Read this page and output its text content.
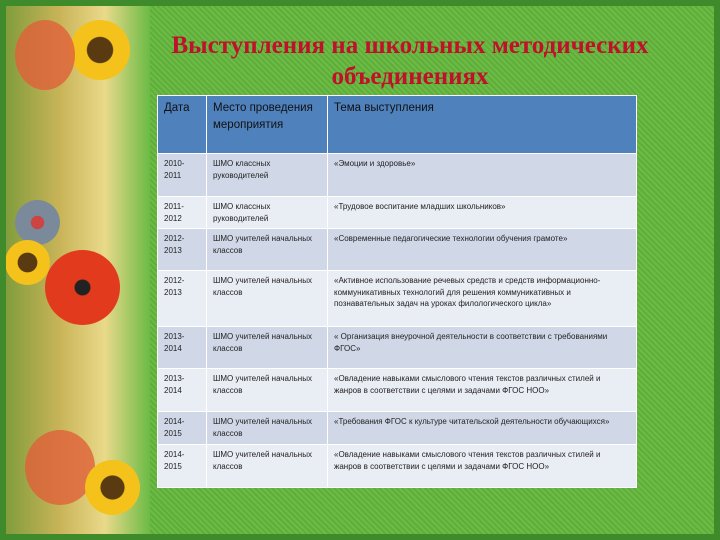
Выступления на школьных методических объединениях
Дата	Место проведения мероприятия	Тема выступления
2010-2011	ШМО классных руководителей	«Эмоции и здоровье»
2011-2012	ШМО классных руководителей	«Трудовое воспитание младших школьников»
2012-2013	ШМО учителей начальных классов	«Современные педагогические технологии обучения грамоте»
2012-2013	ШМО учителей начальных классов	«Активное использование речевых средств и средств информационно-коммуникативных технологий для решения коммуникативных и познавательных задач на уроках филологического цикла»
2013-2014	ШМО учителей начальных классов	« Организация внеурочной деятельности в соответствии с требованиями ФГОС»
2013-2014	ШМО учителей начальных классов	«Овладение навыками смыслового чтения текстов различных стилей и жанров в соответствии с целями и задачами ФГОС НОО»
2014-2015	ШМО учителей начальных классов	«Требования ФГОС к культуре читательской деятельности обучающихся»
2014-2015	ШМО учителей начальных классов	«Овладение навыками смыслового чтения текстов различных стилей и жанров в соответствии с целями и задачами ФГОС НОО»
